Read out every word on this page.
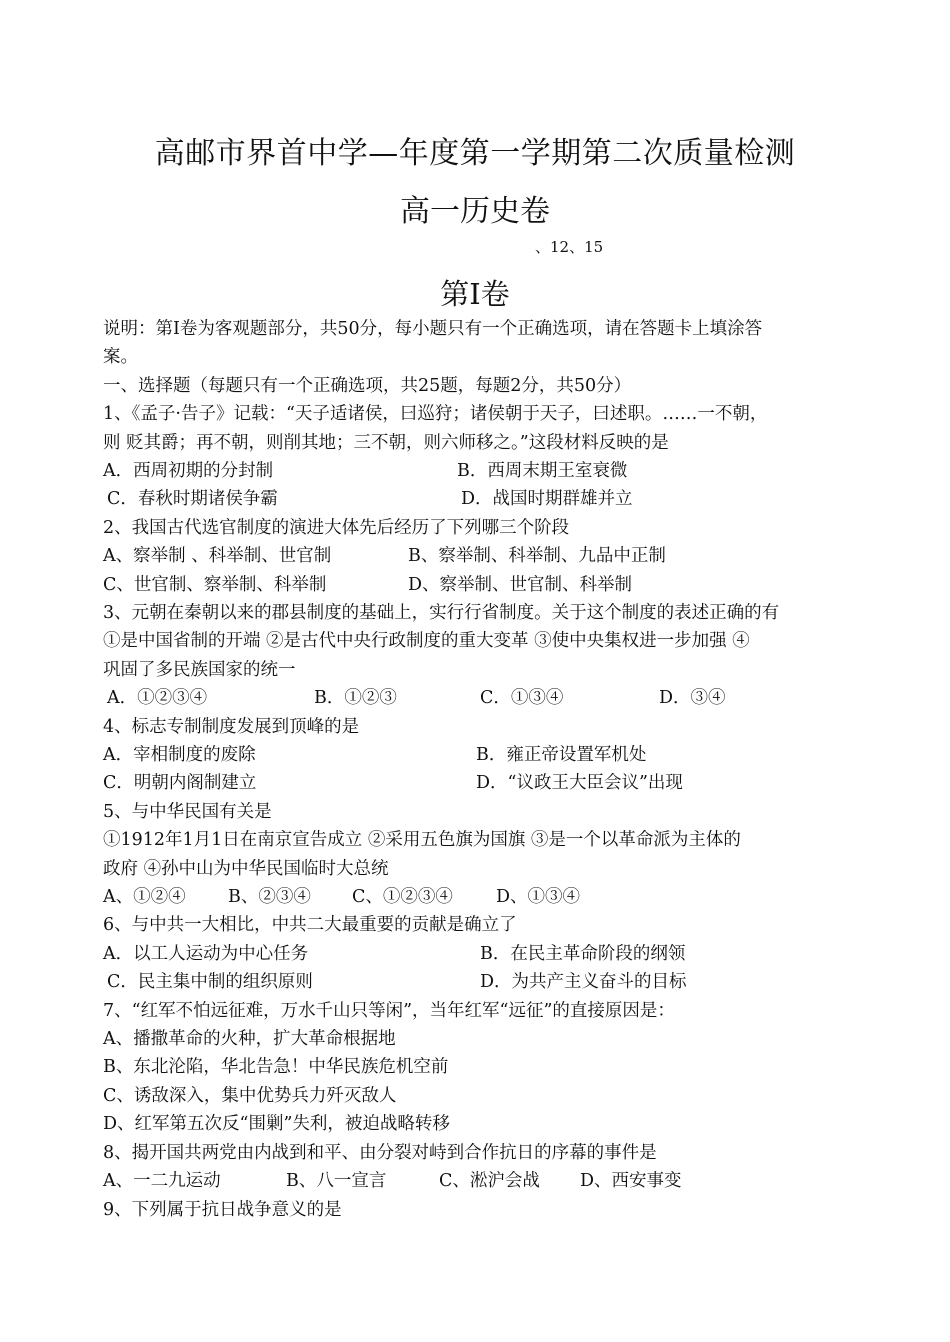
高邮市界首中学—年度第一学期第二次质量检测
高一历史卷
、12、15
第Ⅰ卷
说明：第Ⅰ卷为客观题部分，共50分，每小题只有一个正确选项，请在答题卡上填涂答
案。
一、选择题（每题只有一个正确选项，共25题，每题2分，共50分）
1、《孟子·告子》记载：“天子适诸侯，曰巡狩；诸侯朝于天子，曰述职。……一不朝，
则 贬其爵；再不朝，则削其地；三不朝，则六师移之。”这段材料反映的是
A．西周初期的分封制	B．西周末期王室衰微
C．春秋时期诸侯争霸	D．战国时期群雄并立
2、我国古代选官制度的演进大体先后经历了下列哪三个阶段
A、察举制 、科举制、世官制	B、察举制、科举制、九品中正制
C、世官制、察举制、科举制	D、察举制、世官制、科举制
3、元朝在秦朝以来的郡县制度的基础上，实行行省制度。关于这个制度的表述正确的有
①是中国省制的开端 ②是古代中央行政制度的重大变革 ③使中央集权进一步加强 ④
巩固了多民族国家的统一
A．①②③④	B．①②③	C．①③④	D．③④
4、标志专制制度发展到顶峰的是
A．宰相制度的废除	B．雍正帝设置军机处
C．明朝内阁制建立	D．“议政王大臣会议”出现
5、与中华民国有关是
①1912年1月1日在南京宣告成立 ②采用五色旗为国旗 ③是一个以革命派为主体的
政府 ④孙中山为中华民国临时大总统
A、①②④ B、②③④ C、①②③④ D、①③④
6、与中共一大相比，中共二大最重要的贡献是确立了
A．以工人运动为中心任务	B．在民主革命阶段的纲领
C．民主集中制的组织原则	D．为共产主义奋斗的目标
7、“红军不怕远征难，万水千山只等闲”，当年红军“远征”的直接原因是：
A、播撒革命的火种，扩大革命根据地
B、东北沦陷，华北告急！中华民族危机空前
C、诱敌深入，集中优势兵力歼灭敌人
D、红军第五次反“围剿”失利，被迫战略转移
8、揭开国共两党由内战到和平、由分裂对峙到合作抗日的序幕的事件是
A、一二九运动	B、八一宣言	C、淞沪会战 D、西安事变
9、下列属于抗日战争意义的是
